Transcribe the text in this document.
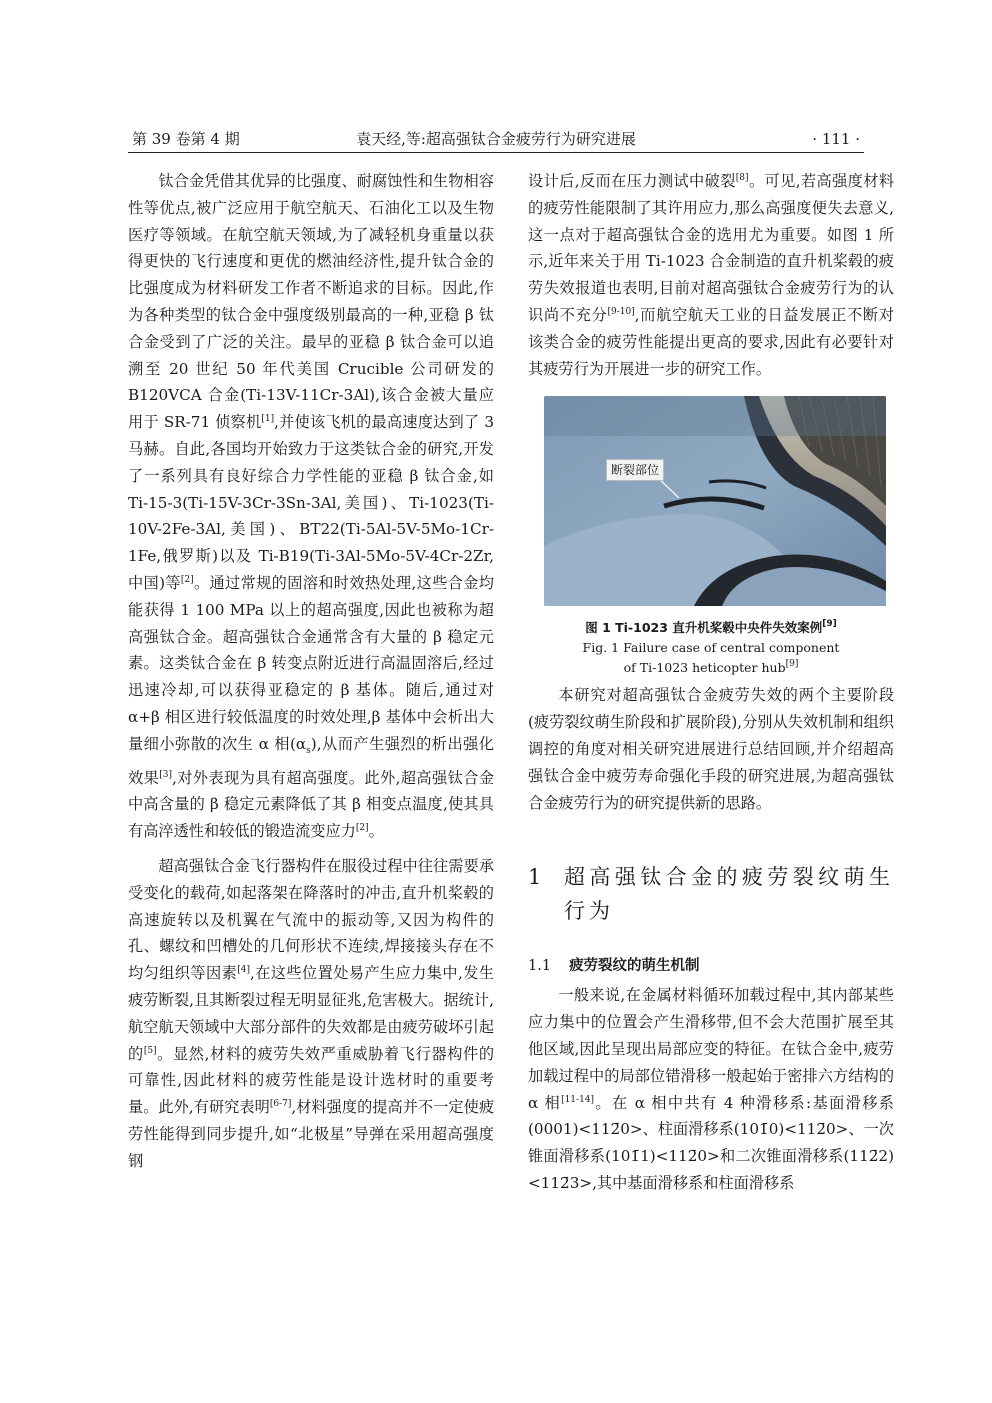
第 39 卷第 4 期	袁天经,等:超高强钛合金疲劳行为研究进展	· 111 ·

钛合金凭借其优异的比强度、耐腐蚀性和生物相容性等优点,被广泛应用于航空航天、石油化工以及生物医疗等领域。在航空航天领域,为了减轻机身重量以获得更快的飞行速度和更优的燃油经济性,提升钛合金的比强度成为材料研发工作者不断追求的目标。因此,作为各种类型的钛合金中强度级别最高的一种,亚稳 β 钛合金受到了广泛的关注。最早的亚稳 β 钛合金可以追溯至 20 世纪 50 年代美国 Crucible 公司研发的 B120VCA 合金(Ti-13V-11Cr-3Al),该合金被大量应用于 SR-71 侦察机[1],并使该飞机的最高速度达到了 3 马赫。自此,各国均开始致力于这类钛合金的研究,开发了一系列具有良好综合力学性能的亚稳 β 钛合金,如 Ti-15-3(Ti-15V-3Cr-3Sn-3Al,美国)、Ti-1023(Ti-10V-2Fe-3Al,美国)、BT22(Ti-5Al-5V-5Mo-1Cr-1Fe,俄罗斯)以及 Ti-B19(Ti-3Al-5Mo-5V-4Cr-2Zr,中国)等[2]。通过常规的固溶和时效热处理,这些合金均能获得 1 100 MPa 以上的超高强度,因此也被称为超高强钛合金。超高强钛合金通常含有大量的 β 稳定元素。这类钛合金在 β 转变点附近进行高温固溶后,经过迅速冷却,可以获得亚稳定的 β 基体。随后,通过对 α+β 相区进行较低温度的时效处理,β 基体中会析出大量细小弥散的次生 α 相$(\alpha_s)$,从而产生强烈的析出强化效果[3],对外表现为具有超高强度。此外,超高强钛合金中高含量的 β 稳定元素降低了其 β 相变点温度,使其具有高淬透性和较低的锻造流变应力[2]。

超高强钛合金飞行器构件在服役过程中往往需要承受变化的载荷,如起落架在降落时的冲击,直升机桨毂的高速旋转以及机翼在气流中的振动等,又因为构件的孔、螺纹和凹槽处的几何形状不连续,焊接接头存在不均匀组织等因素[4],在这些位置处易产生应力集中,发生疲劳断裂,且其断裂过程无明显征兆,危害极大。据统计,航空航天领域中大部分部件的失效都是由疲劳破坏引起的[5]。显然,材料的疲劳失效严重威胁着飞行器构件的可靠性,因此材料的疲劳性能是设计选材时的重要考量。此外,有研究表明[6-7],材料强度的提高并不一定使疲劳性能得到同步提升,如“北极星”导弹在采用超高强度钢

设计后,反而在压力测试中破裂[8]。可见,若高强度材料的疲劳性能限制了其许用应力,那么高强度便失去意义,这一点对于超高强钛合金的选用尤为重要。如图 1 所示,近年来关于用 Ti-1023 合金制造的直升机桨毂的疲劳失效报道也表明,目前对超高强钛合金疲劳行为的认识尚不充分[9-10],而航空航天工业的日益发展正不断对该类合金的疲劳性能提出更高的要求,因此有必要针对其疲劳行为开展进一步的研究工作。

断裂部位
图 1 Ti-1023 直升机桨毂中央件失效案例[9]
Fig. 1 Failure case of central component
of Ti-1023 heticopter hub[9]

本研究对超高强钛合金疲劳失效的两个主要阶段(疲劳裂纹萌生阶段和扩展阶段),分别从失效机制和组织调控的角度对相关研究进展进行总结回顾,并介绍超高强钛合金中疲劳寿命强化手段的研究进展,为超高强钛合金疲劳行为的研究提供新的思路。

1 超高强钛合金的疲劳裂纹萌生行为
1.1 疲劳裂纹的萌生机制

一般来说,在金属材料循环加载过程中,其内部某些应力集中的位置会产生滑移带,但不会大范围扩展至其他区域,因此呈现出局部应变的特征。在钛合金中,疲劳加载过程中的局部位错滑移一般起始于密排六方结构的 α 相[11-14]。在 α 相中共有 4 种滑移系:基面滑移系(0001)<112̄0>、柱面滑移系(101̄0)<112̄0>、一次锥面滑移系(101̄1)<112̄0>和二次锥面滑移系(112̄2)<112̄3>,其中基面滑移系和柱面滑移系
